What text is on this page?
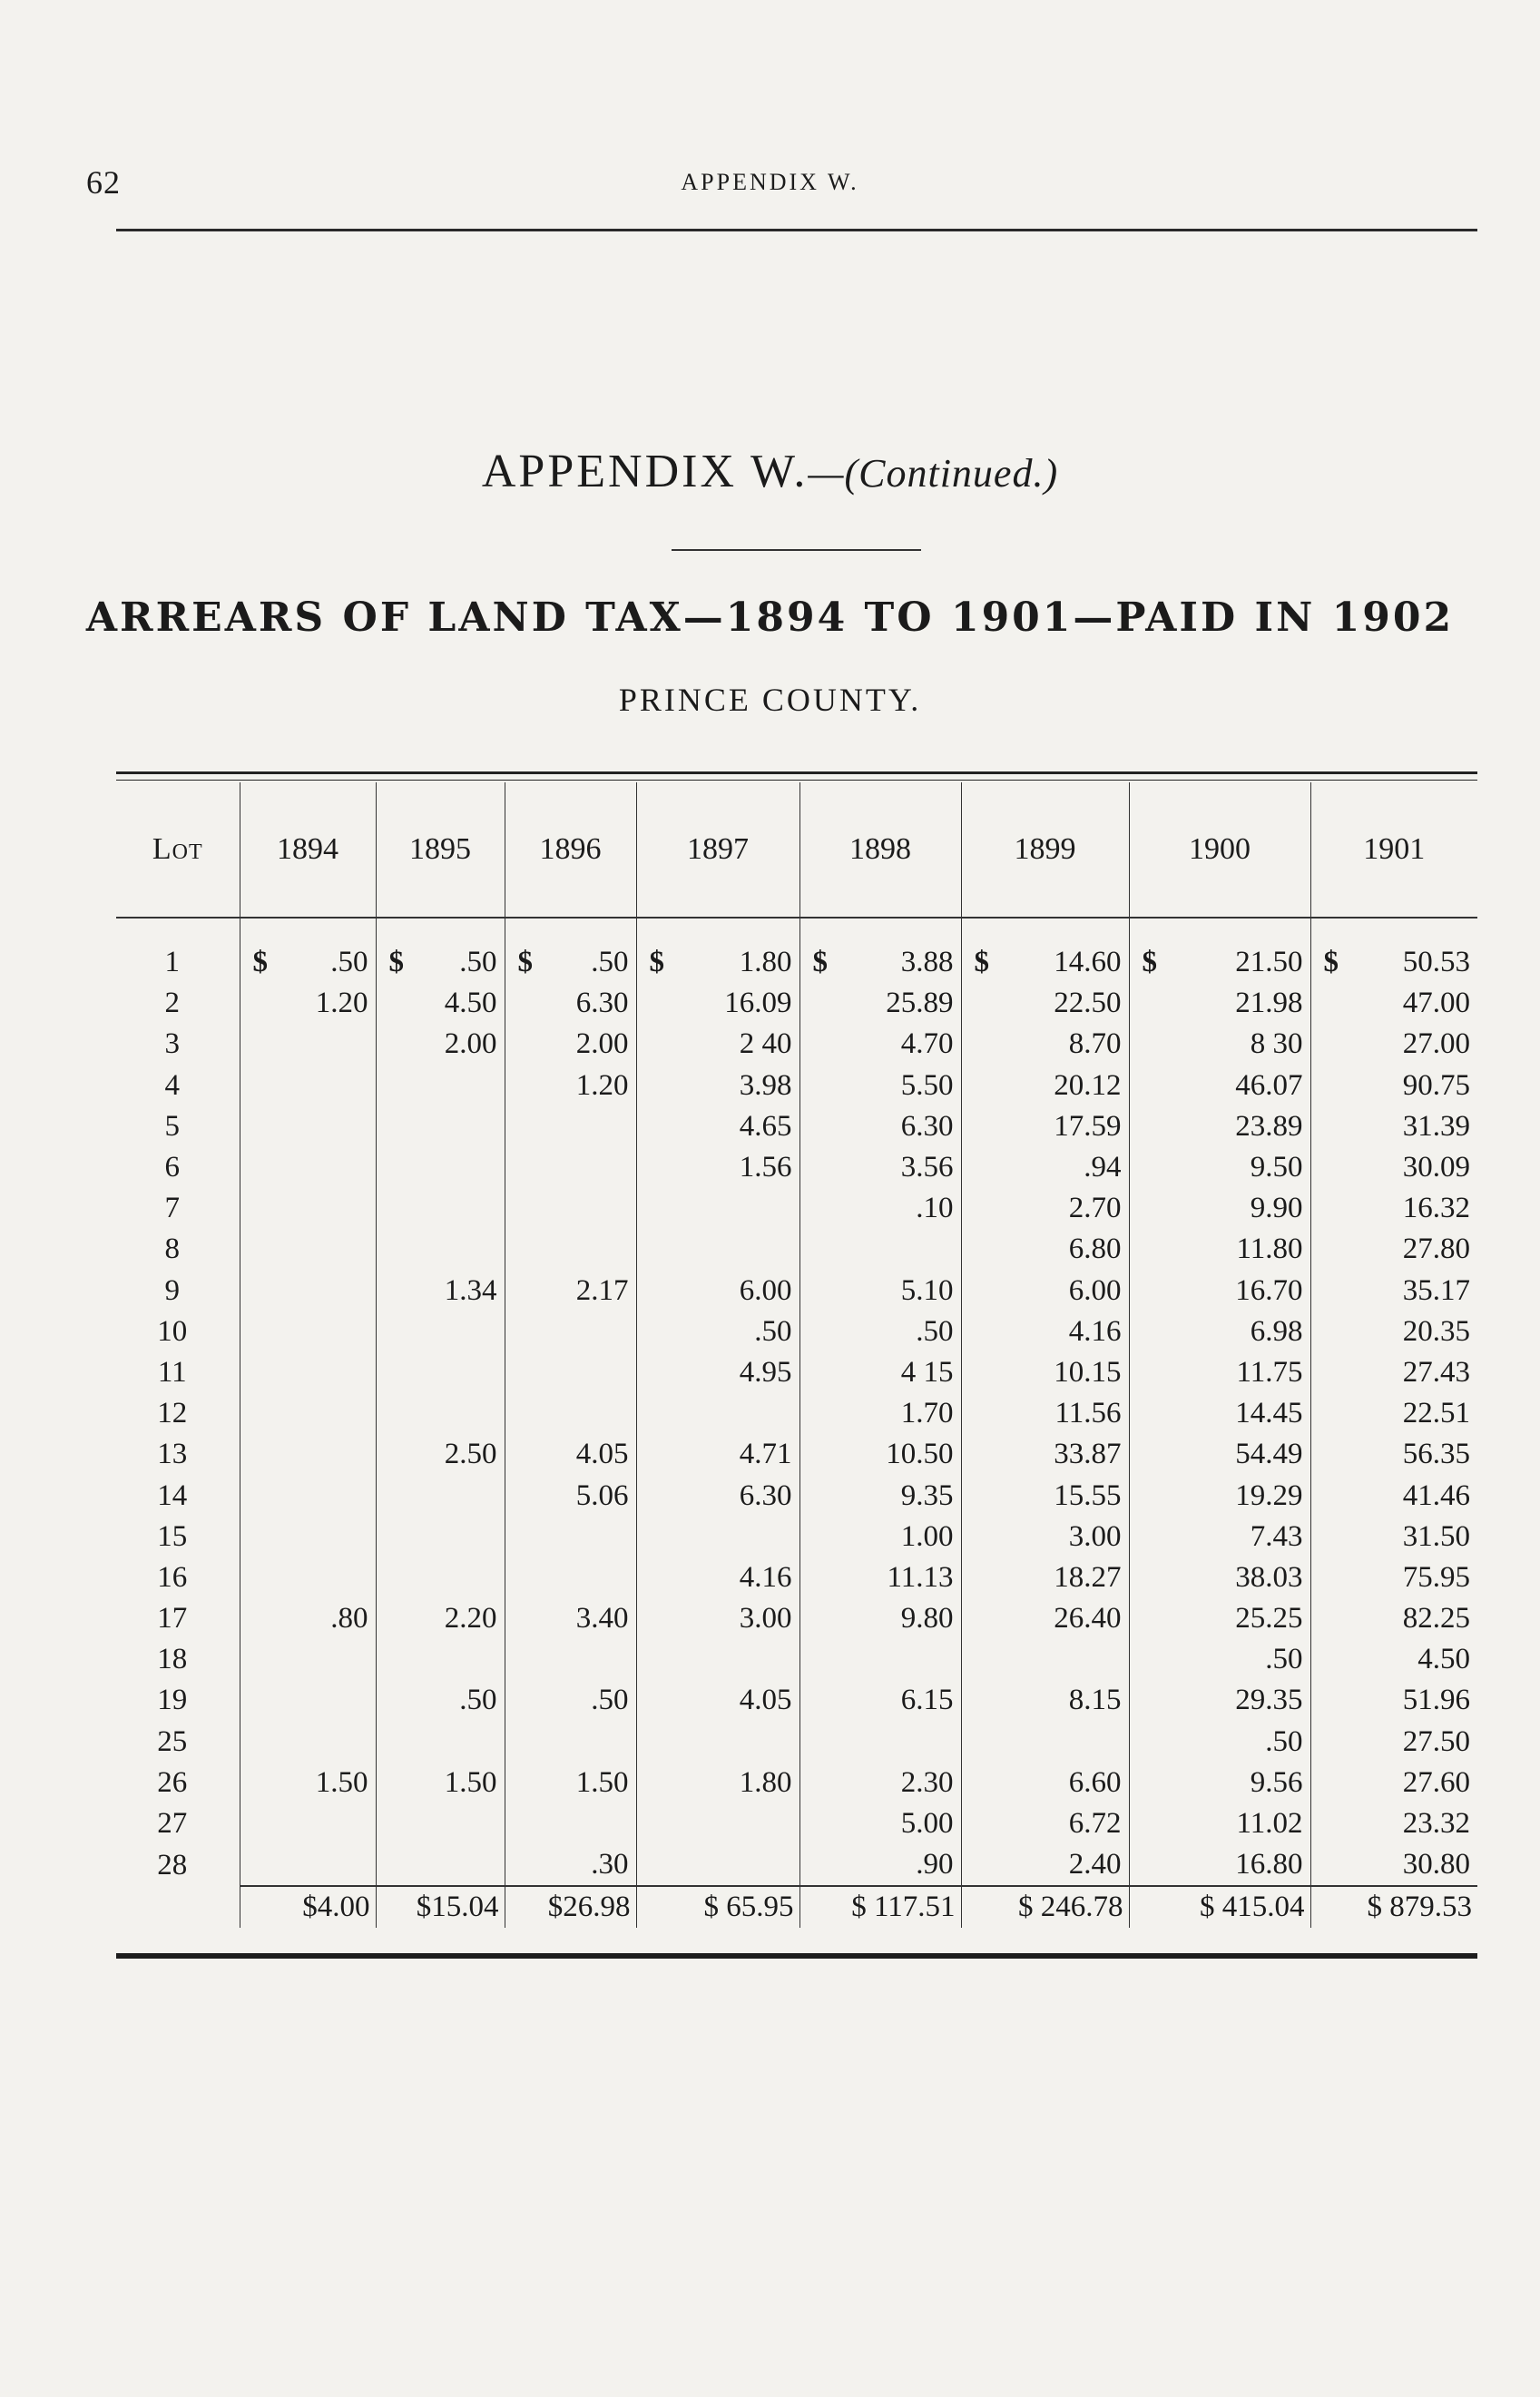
62	APPENDIX W.
APPENDIX W.—(Continued.)
ARREARS OF LAND TAX—1894 TO 1901—PAID IN 1902
PRINCE COUNTY.
Lot	1894	1895	1896	1897	1898	1899	1900	1901

1	$ .50	$ .50	$ .50	$ 1.80	$ 3.88	$ 14.60	$ 21.50	$ 50.53
2	1.20	4.50	6.30	16.09	25.89	22.50	21.98	47.00
3		2.00	2.00	2 40	4.70	8.70	8 30	27.00
4			1.20	3.98	5.50	20.12	46.07	90.75
5				4.65	6.30	17.59	23.89	31.39
6				1.56	3.56	.94	9.50	30.09
7					.10	2.70	9.90	16.32
8						6.80	11.80	27.80
9		1.34	2.17	6.00	5.10	6.00	16.70	35.17
10				.50	.50	4.16	6.98	20.35
11				4.95	4 15	10.15	11.75	27.43
12					1.70	11.56	14.45	22.51
13		2.50	4.05	4.71	10.50	33.87	54.49	56.35
14			5.06	6.30	9.35	15.55	19.29	41.46
15					1.00	3.00	7.43	31.50
16				4.16	11.13	18.27	38.03	75.95
17	.80	2.20	3.40	3.00	9.80	26.40	25.25	82.25
18							.50	4.50
19		.50	.50	4.05	6.15	8.15	29.35	51.96
25							.50	27.50
26	1.50	1.50	1.50	1.80	2.30	6.60	9.56	27.60
27					5.00	6.72	11.02	23.32
28			.30		.90	2.40	16.80	30.80
	$4.00	$15.04	$26.98	$ 65.95	$ 117.51	$ 246.78	$ 415.04	$ 879.53
